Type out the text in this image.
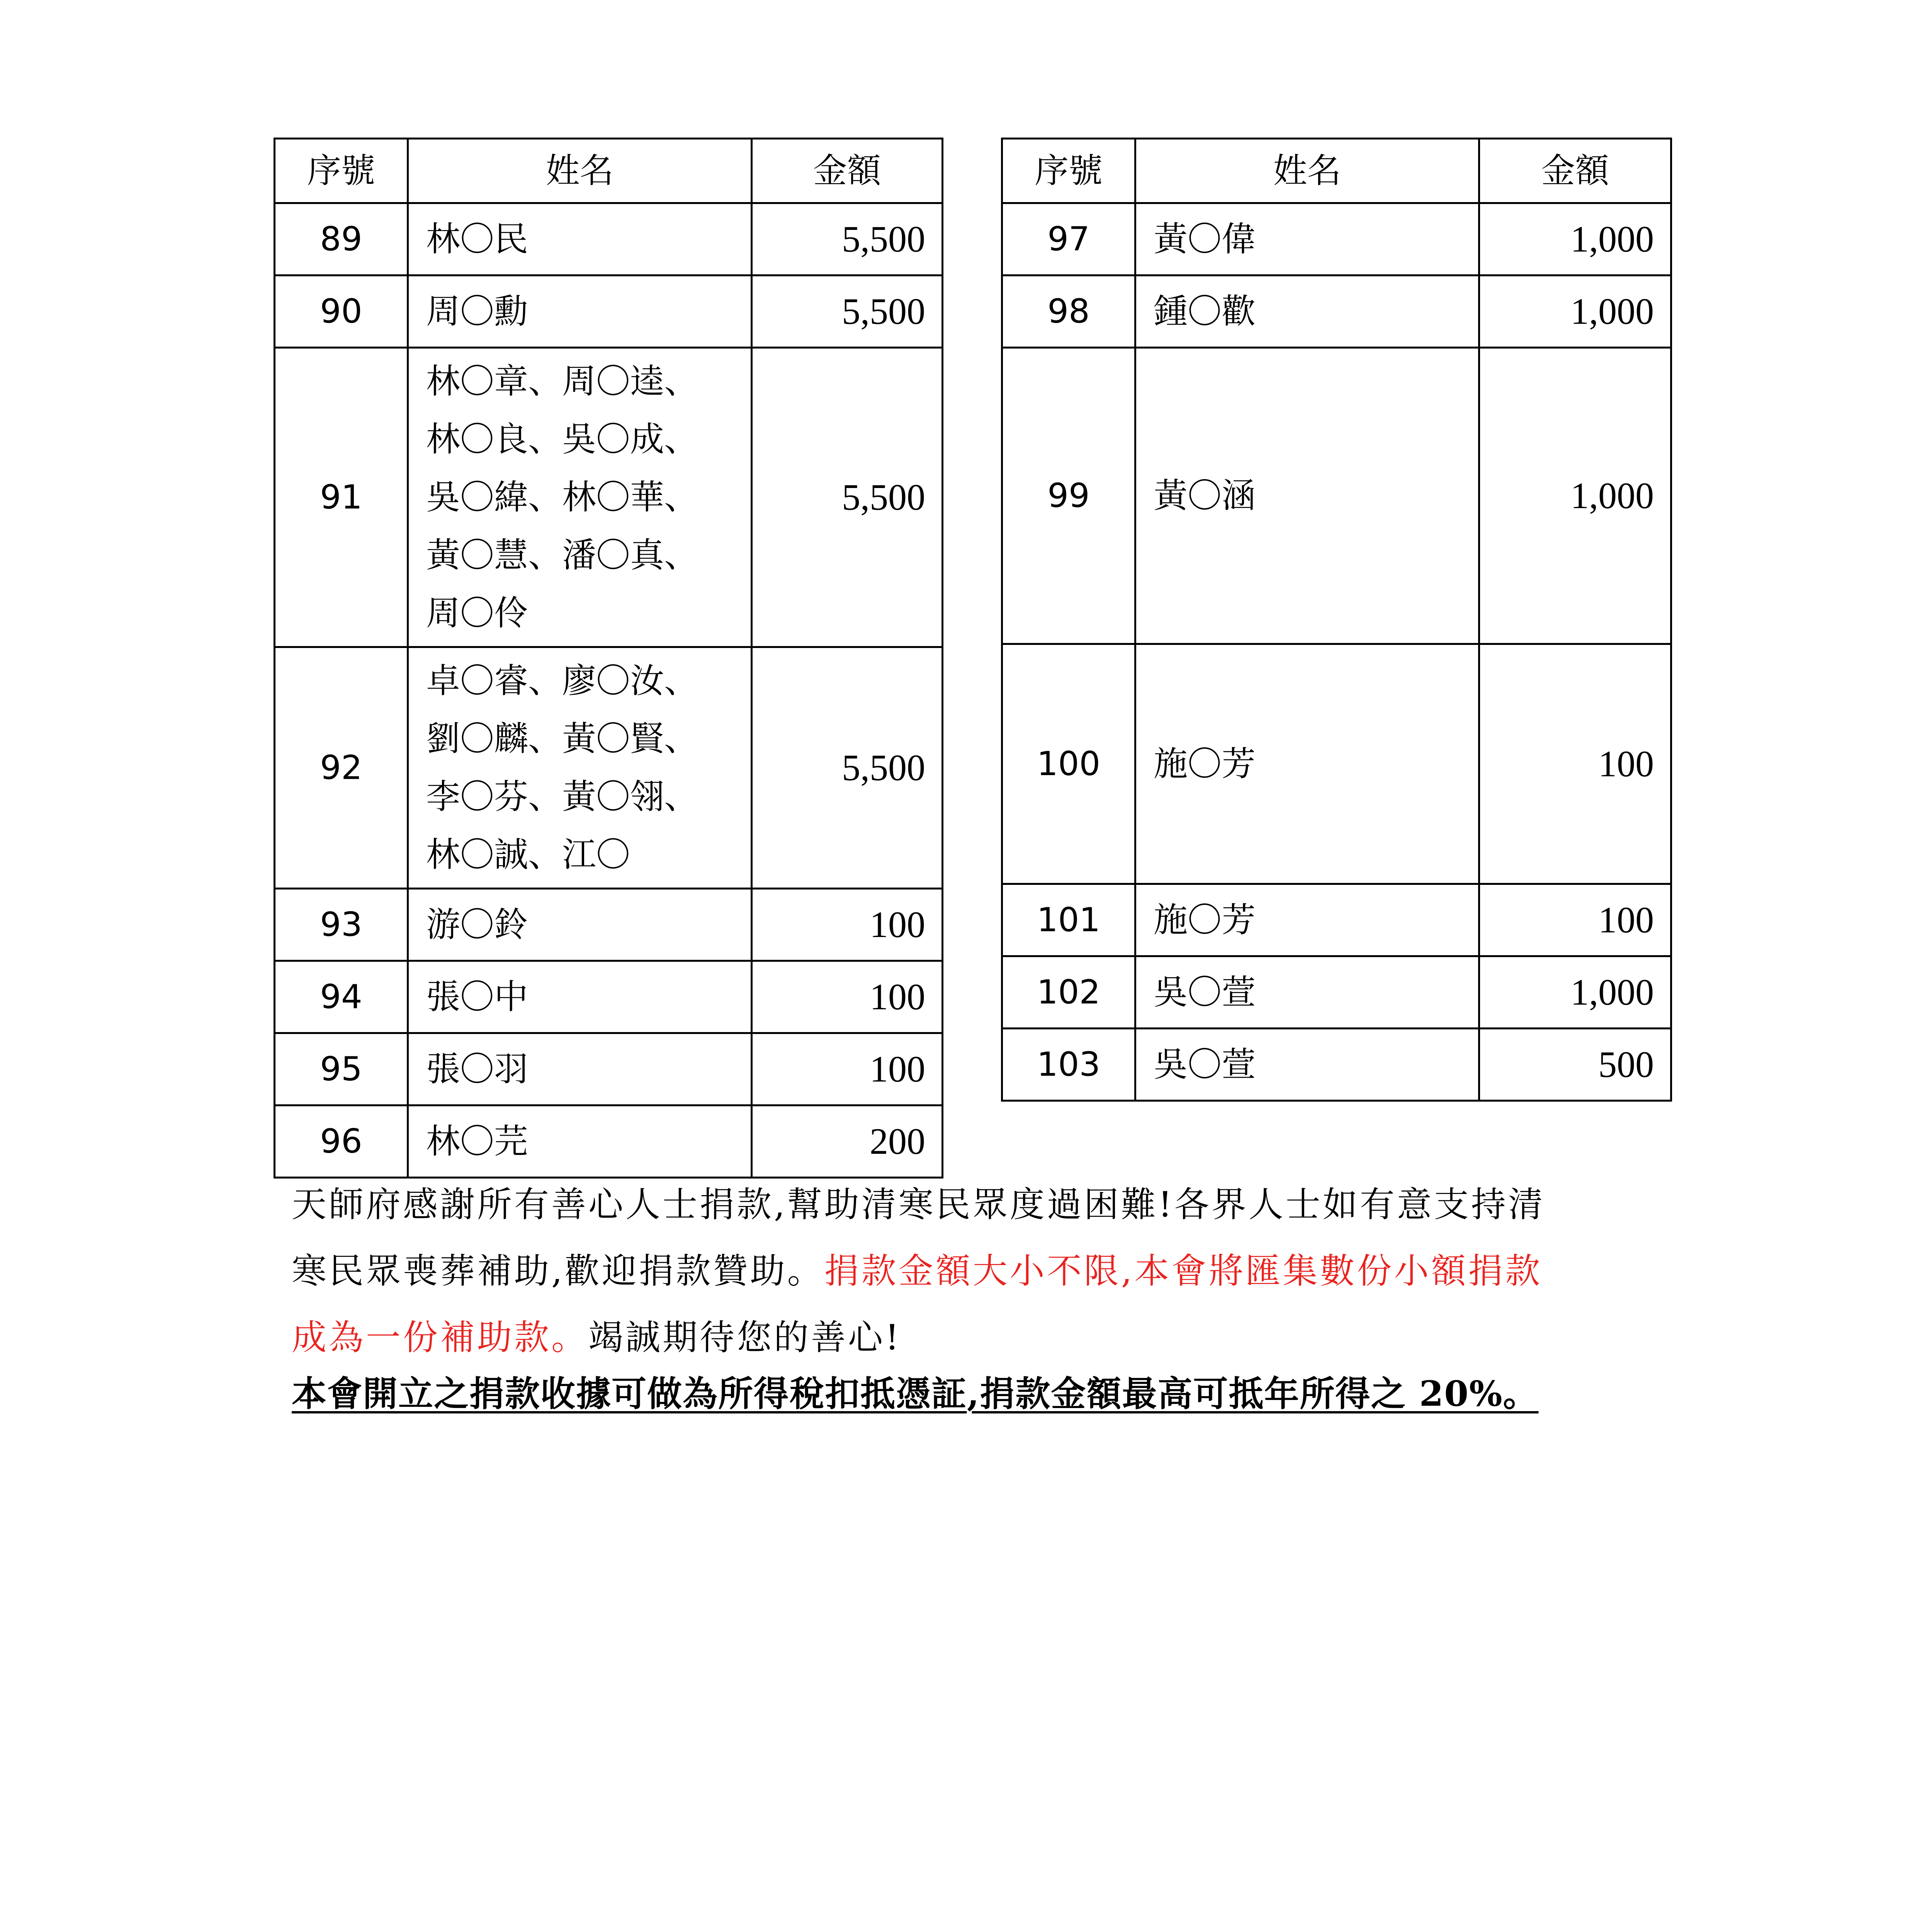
序號	姓名	金額
89	林〇民	5,500
90	周〇勳	5,500
91	林〇章、周〇逵、
林〇良、吳〇成、
吳〇緯、林〇華、
黃〇慧、潘〇真、
周〇伶	5,500
92	卓〇睿、廖〇汝、
劉〇麟、黃〇賢、
李〇芬、黃〇翎、
林〇誠、江〇	5,500
93	游〇鈴	100
94	張〇中	100
95	張〇羽	100
96	林〇芫	200
序號	姓名	金額
97	黃〇偉	1,000
98	鍾〇歡	1,000
99	黃〇涵	1,000
100	施〇芳	100
101	施〇芳	100
102	吳〇萱	1,000
103	吳〇萱	500
天師府感謝所有善心人士捐款,幫助清寒民眾度過困難!各界人士如有意支持清
寒民眾喪葬補助,歡迎捐款贊助。捐款金額大小不限,本會將匯集數份小額捐款
成為一份補助款。竭誠期待您的善心!
本會開立之捐款收據可做為所得稅扣抵憑証,捐款金額最高可抵年所得之 20%。
